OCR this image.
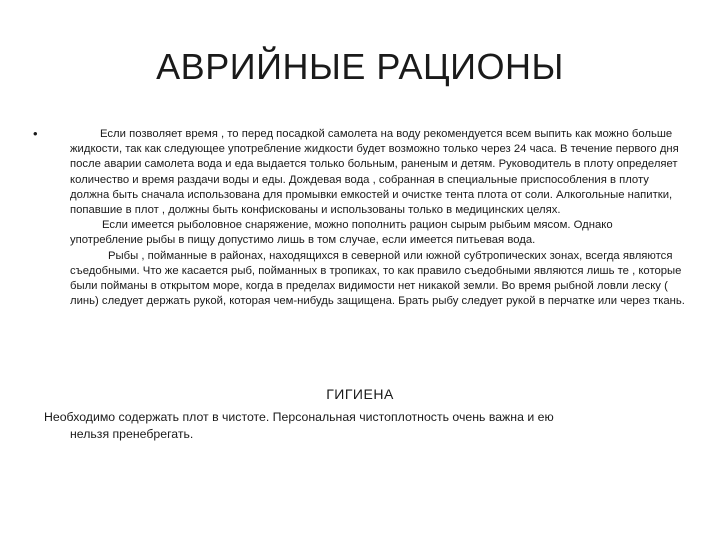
АВРИЙНЫЕ РАЦИОНЫ
•	Если позволяет время , то перед посадкой самолета на воду рекомендуется всем выпить как можно больше жидкости, так как следующее употребление жидкости будет возможно только через 24 часа. В течение первого дня после аварии самолета вода и еда выдается только больным, раненым и детям. Руководитель в плоту определяет количество и время раздачи воды и еды. Дождевая вода , собранная в специальные приспособления в плоту должна быть сначала использована для промывки емкостей и очистке тента плота от соли. Алкогольные напитки, попавшие в плот , должны быть конфискованы и использованы только в медицинских целях.

Если имеется рыболовное снаряжение, можно пополнить рацион сырым рыбьим мясом. Однако употребление рыбы в пищу допустимо лишь в том случае, если имеется питьевая вода.

Рыбы , пойманные в районах, находящихся в северной или южной субтропических зонах, всегда являются съедобными. Что же касается рыб, пойманных в тропиках, то как правило съедобными являются лишь те , которые были пойманы в открытом море, когда в пределах видимости нет никакой земли. Во время рыбной ловли леску ( линь) следует держать рукой, которая чем-нибудь защищена. Брать рыбу следует рукой в перчатке или через ткань.

ГИГИЕНА
Необходимо содержать плот в чистоте. Персональная чистоплотность очень важна и ею
нельзя пренебрегать.
